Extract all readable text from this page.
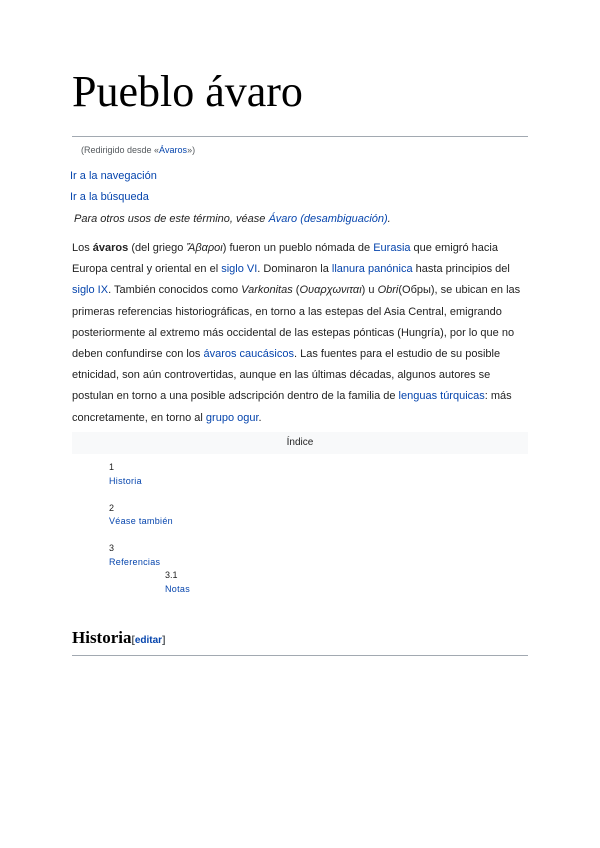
Pueblo ávaro
(Redirigido desde «Ávaros»)
Ir a la navegación
Ir a la búsqueda
Para otros usos de este término, véase Ávaro (desambiguación).

Los ávaros (del griego Ἄβαροι) fueron un pueblo nómada de Eurasia que emigró hacia Europa central y oriental en el siglo VI. Dominaron la llanura panónica hasta principios del siglo IX. También conocidos como Varkonitas (Ουαρχωνιται) u Obri(Обры), se ubican en las primeras referencias historiográficas, en torno a las estepas del Asia Central, emigrando posteriormente al extremo más occidental de las estepas pónticas (Hungría), por lo que no deben confundirse con los ávaros caucásicos. Las fuentes para el estudio de su posible etnicidad, son aún controvertidas, aunque en las últimas décadas, algunos autores se postulan en torno a una posible adscripción dentro de la familia de lenguas túrquicas: más concretamente, en torno al grupo ogur.

Índice
1
Historia
2
Véase también
3
Referencias
3.1
Notas
Historia[editar]
